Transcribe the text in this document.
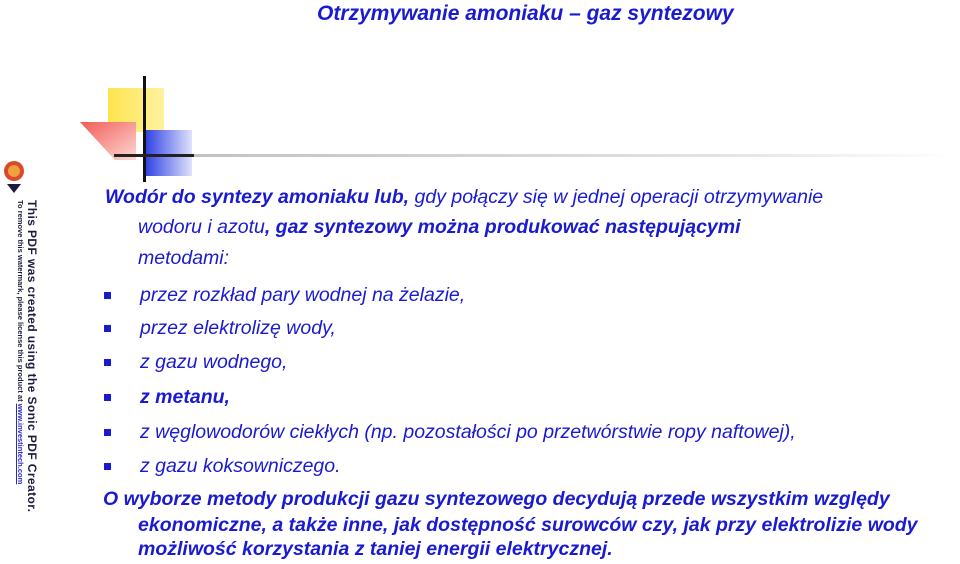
Otrzymywanie amoniaku – gaz syntezowy
This PDF was created using the Sonic PDF Creator.
To remove this watermark, please license this product at www.investintech.com
Wodór do syntezy amoniaku lub, gdy połączy się w jednej operacji otrzymywanie
wodoru i azotu, gaz syntezowy można produkować następującymi
metodami:
przez rozkład pary wodnej na żelazie,
przez elektrolizę wody,
z gazu wodnego,
z metanu,
z węglowodorów ciekłych (np. pozostałości po przetwórstwie ropy naftowej),
z gazu koksowniczego.
O wyborze metody produkcji gazu syntezowego decydują przede wszystkim względy
ekonomiczne, a także inne, jak dostępność surowców czy, jak przy elektrolizie wody
możliwość korzystania z taniej energii elektrycznej.
